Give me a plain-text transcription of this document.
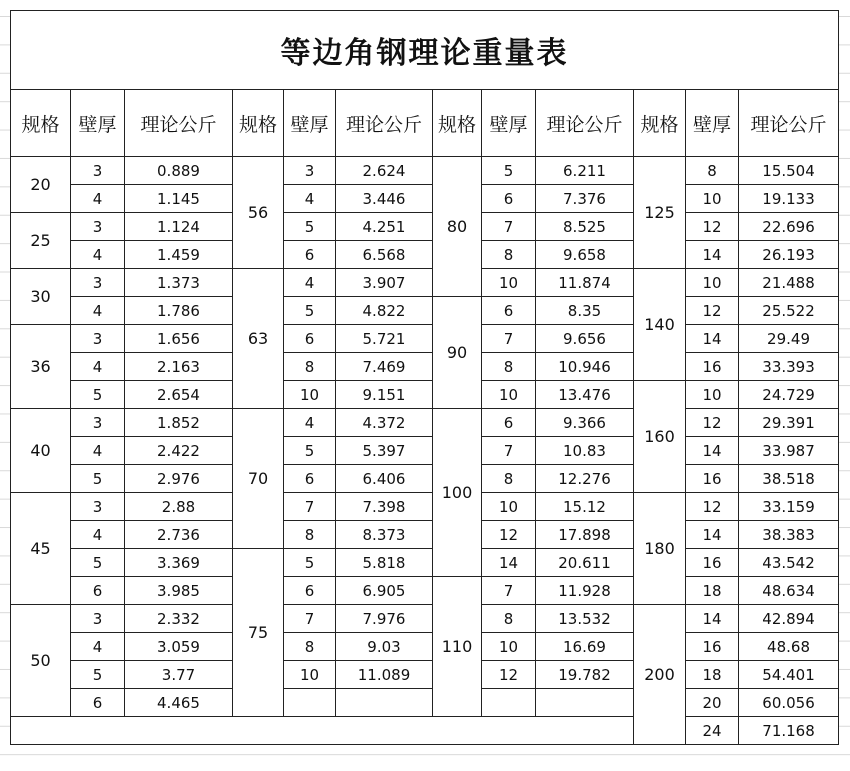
等边角钢理论重量表											
规格	壁厚	理论公斤	规格	壁厚	理论公斤	规格	壁厚	理论公斤	规格	壁厚	理论公斤
20	3	0.889	56	3	2.624	80	5	6.211	125	8	15.504
	4	1.145		4	3.446		6	7.376		10	19.133
25	3	1.124		5	4.251		7	8.525		12	22.696
	4	1.459		6	6.568		8	9.658		14	26.193
30	3	1.373	63	4	3.907		10	11.874	140	10	21.488
	4	1.786		5	4.822	90	6	8.35		12	25.522
36	3	1.656		6	5.721		7	9.656		14	29.49
	4	2.163		8	7.469		8	10.946		16	33.393
	5	2.654		10	9.151		10	13.476	160	10	24.729
40	3	1.852	70	4	4.372	100	6	9.366		12	29.391
	4	2.422		5	5.397		7	10.83		14	33.987
	5	2.976		6	6.406		8	12.276		16	38.518
45	3	2.88		7	7.398		10	15.12	180	12	33.159
	4	2.736		8	8.373		12	17.898		14	38.383
	5	3.369	75	5	5.818		14	20.611		16	43.542
	6	3.985		6	6.905	110	7	11.928		18	48.634
50	3	2.332		7	7.976		8	13.532	200	14	42.894
	4	3.059		8	9.03		10	16.69		16	48.68
	5	3.77		10	11.089		12	19.782		18	54.401
	6	4.465								20	60.056
										24	71.168
